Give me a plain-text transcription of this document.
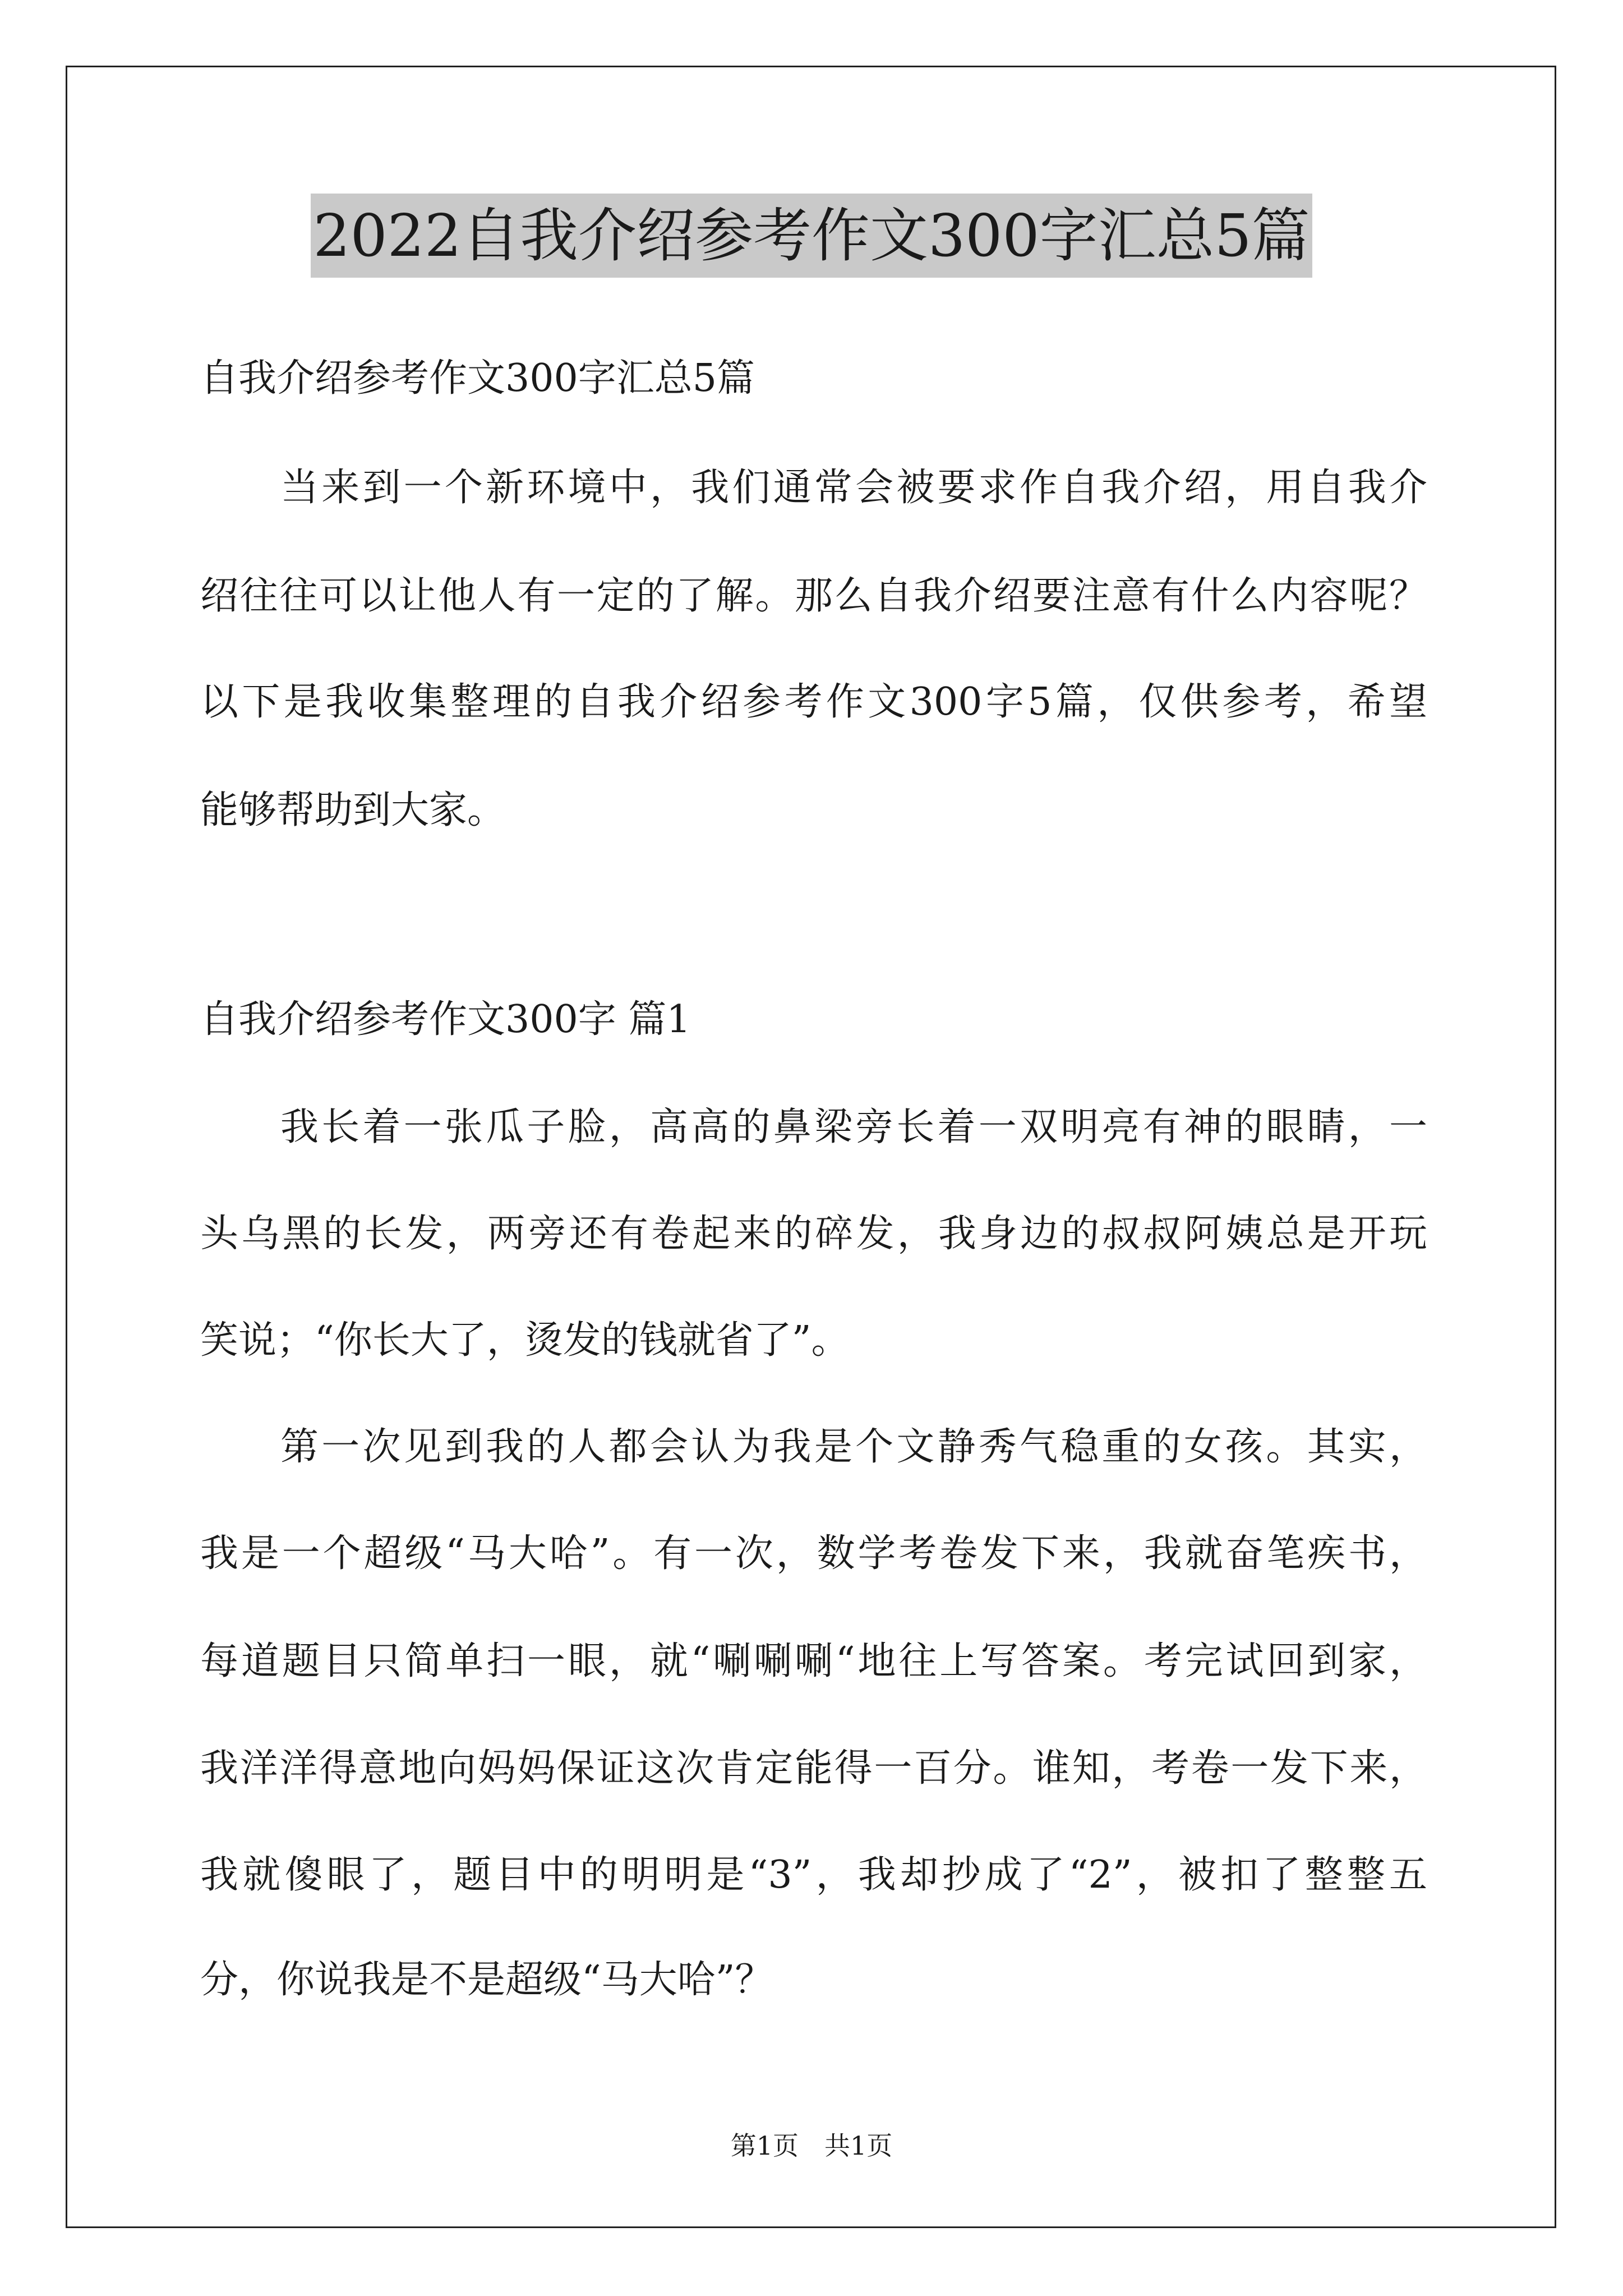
2022自我介绍参考作文300字汇总5篇
自我介绍参考作文300字汇总5篇
当来到一个新环境中，我们通常会被要求作自我介绍，用自我介
绍往往可以让他人有一定的了解。那么自我介绍要注意有什么内容呢？
以下是我收集整理的自我介绍参考作文300字5篇，仅供参考，希望
能够帮助到大家。
自我介绍参考作文300字 篇1
我长着一张瓜子脸，高高的鼻梁旁长着一双明亮有神的眼睛，一
头乌黑的长发，两旁还有卷起来的碎发，我身边的叔叔阿姨总是开玩
笑说；“你长大了，烫发的钱就省了”。
第一次见到我的人都会认为我是个文静秀气稳重的女孩。其实，
我是一个超级“马大哈”。有一次，数学考卷发下来，我就奋笔疾书，
每道题目只简单扫一眼，就“唰唰唰“地往上写答案。考完试回到家，
我洋洋得意地向妈妈保证这次肯定能得一百分。谁知，考卷一发下来，
我就傻眼了，题目中的明明是“3”，我却抄成了“2”，被扣了整整五
分，你说我是不是超级“马大哈”？
第1页　共1页
